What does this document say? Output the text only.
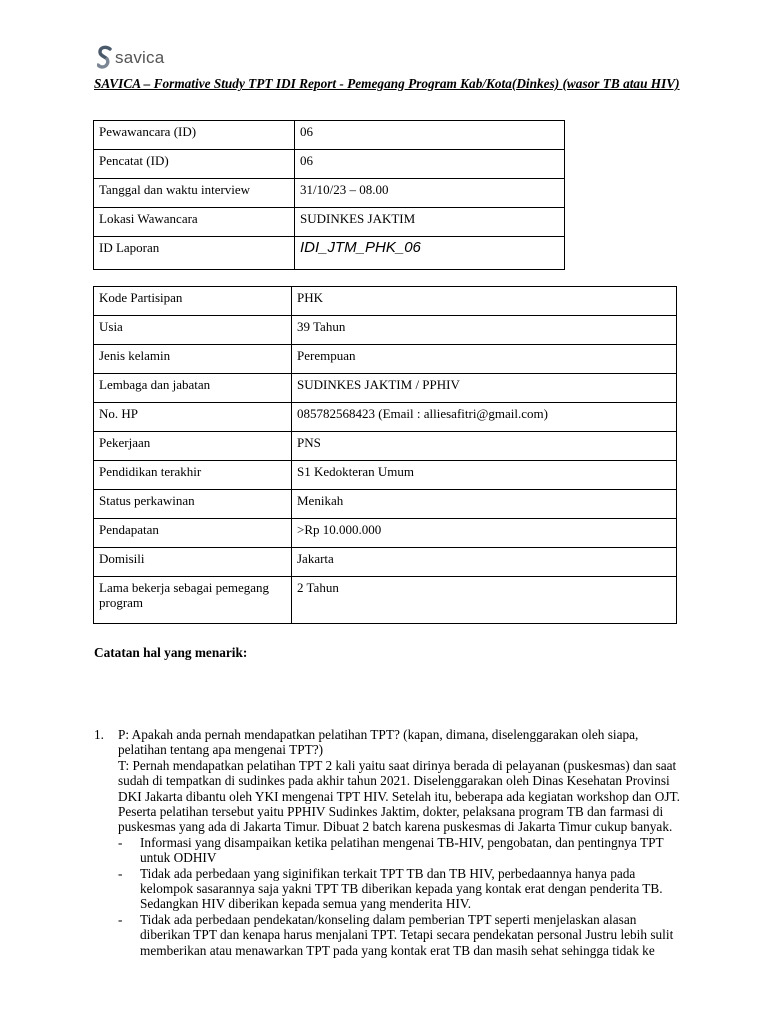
savica
SAVICA – Formative Study TPT IDI Report - Pemegang Program Kab/Kota(Dinkes) (wasor TB atau HIV)
Pewawancara (ID)	06
Pencatat (ID)	06
Tanggal dan waktu interview	31/10/23 – 08.00
Lokasi Wawancara	SUDINKES JAKTIM
ID Laporan	IDI_JTM_PHK_06
Kode Partisipan	PHK
Usia	39 Tahun
Jenis kelamin	Perempuan
Lembaga dan jabatan	SUDINKES JAKTIM / PPHIV
No. HP	085782568423 (Email : alliesafitri@gmail.com)
Pekerjaan	PNS
Pendidikan terakhir	S1 Kedokteran Umum
Status perkawinan	Menikah
Pendapatan	>Rp 10.000.000
Domisili	Jakarta
Lama bekerja sebagai pemegang program	2 Tahun
Catatan hal yang menarik:
1.	P: Apakah anda pernah mendapatkan pelatihan TPT? (kapan, dimana, diselenggarakan oleh siapa, pelatihan tentang apa mengenai TPT?)
T: Pernah mendapatkan pelatihan TPT 2 kali yaitu saat dirinya berada di pelayanan (puskesmas) dan saat sudah di tempatkan di sudinkes pada akhir tahun 2021. Diselenggarakan oleh Dinas Kesehatan Provinsi DKI Jakarta dibantu oleh YKI mengenai TPT HIV. Setelah itu, beberapa ada kegiatan workshop dan OJT. Peserta pelatihan tersebut yaitu PPHIV Sudinkes Jaktim, dokter, pelaksana program TB dan farmasi di puskesmas yang ada di Jakarta Timur. Dibuat 2 batch karena puskesmas di Jakarta Timur cukup banyak.
-	Informasi yang disampaikan ketika pelatihan mengenai TB-HIV, pengobatan, dan pentingnya TPT untuk ODHIV
-	Tidak ada perbedaan yang siginifikan terkait TPT TB dan TB HIV, perbedaannya hanya pada kelompok sasarannya saja yakni TPT TB diberikan kepada yang kontak erat dengan penderita TB. Sedangkan HIV diberikan kepada semua yang menderita HIV.
-	Tidak ada perbedaan pendekatan/konseling dalam pemberian TPT seperti menjelaskan alasan diberikan TPT dan kenapa harus menjalani TPT. Tetapi secara pendekatan personal Justru lebih sulit memberikan atau menawarkan TPT pada yang kontak erat TB dan masih sehat sehingga tidak ke
